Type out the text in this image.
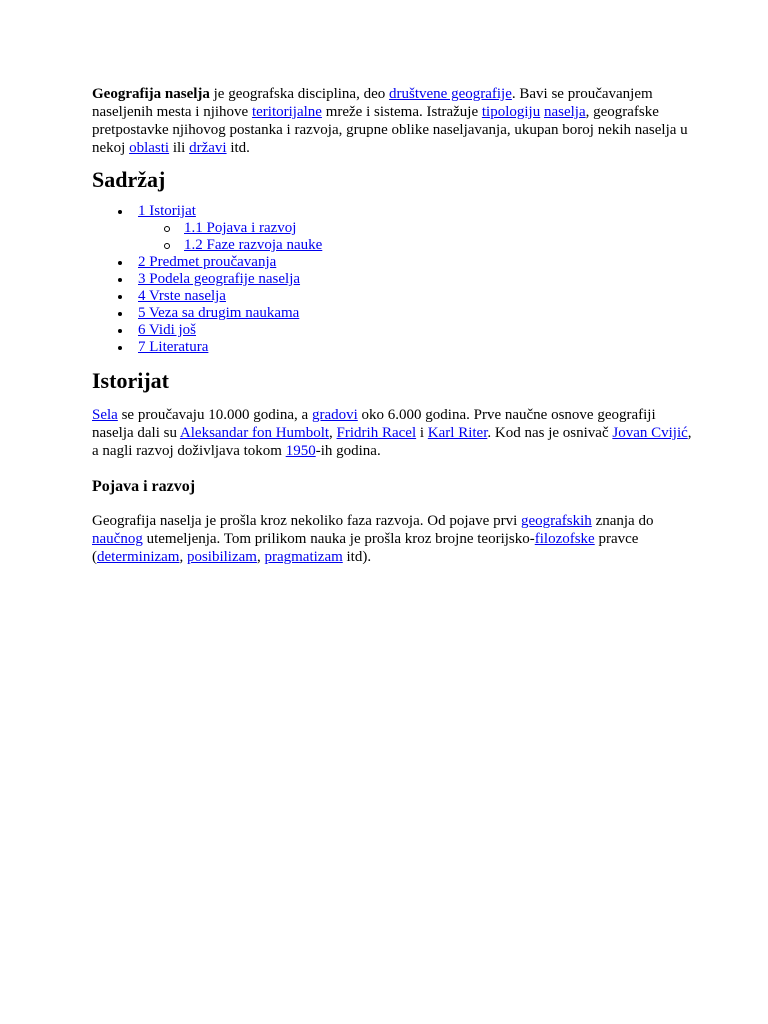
Geografija naselja je geografska disciplina, deo društvene geografije. Bavi se proučavanjem naseljenih mesta i njihove teritorijalne mreže i sistema. Istražuje tipologiju naselja, geografske pretpostavke njihovog postanka i razvoja, grupne oblike naseljavanja, ukupan boroj nekih naselja u nekoj oblasti ili državi itd.

Sadržaj
1 Istorijat
1.1 Pojava i razvoj
1.2 Faze razvoja nauke
2 Predmet proučavanja
3 Podela geografije naselja
4 Vrste naselja
5 Veza sa drugim naukama
6 Vidi još
7 Literatura
Istorijat

Sela se proučavaju 10.000 godina, a gradovi oko 6.000 godina. Prve naučne osnove geografiji naselja dali su Aleksandar fon Humbolt, Fridrih Racel i Karl Riter. Kod nas je osnivač Jovan Cvijić, a nagli razvoj doživljava tokom 1950-ih godina.

Pojava i razvoj

Geografija naselja je prošla kroz nekoliko faza razvoja. Od pojave prvi geografskih znanja do naučnog utemeljenja. Tom prilikom nauka je prošla kroz brojne teorijsko-filozofske pravce (determinizam, posibilizam, pragmatizam itd).
